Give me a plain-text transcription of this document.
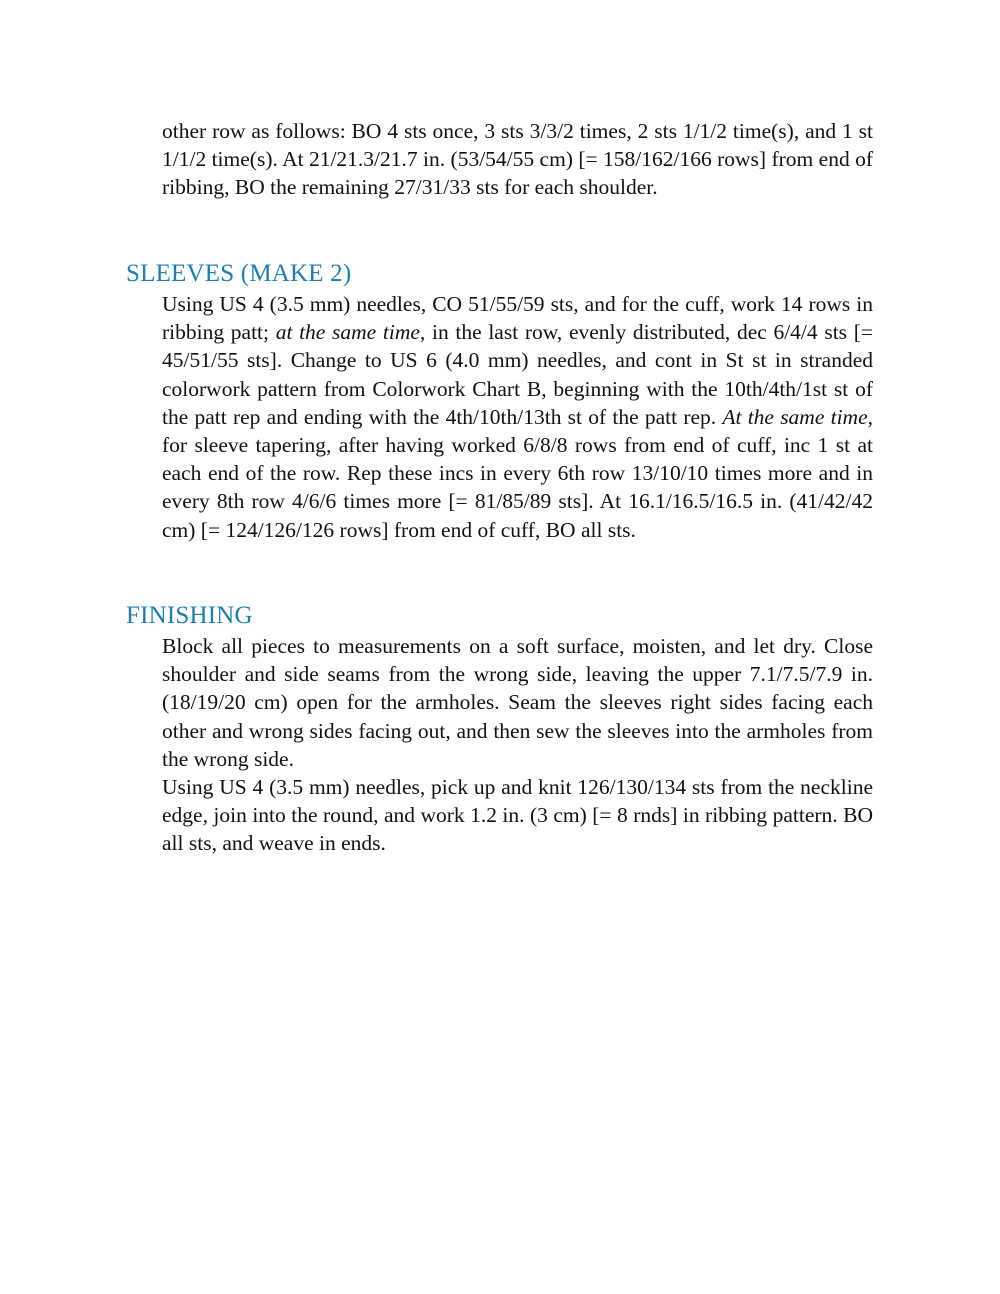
other row as follows: BO 4 sts once, 3 sts 3/3/2 times, 2 sts 1/1/2 time(s), and 1 st 1/1/2 time(s). At 21/21.3/21.7 in. (53/54/55 cm) [= 158/162/166 rows] from end of ribbing, BO the remaining 27/31/33 sts for each shoulder.

SLEEVES (MAKE 2)

Using US 4 (3.5 mm) needles, CO 51/55/59 sts, and for the cuff, work 14 rows in ribbing patt; at the same time, in the last row, evenly distributed, dec 6/4/4 sts [= 45/51/55 sts]. Change to US 6 (4.0 mm) needles, and cont in St st in stranded colorwork pattern from Colorwork Chart B, beginning with the 10th/4th/1st st of the patt rep and ending with the 4th/10th/13th st of the patt rep. At the same time, for sleeve tapering, after having worked 6/8/8 rows from end of cuff, inc 1 st at each end of the row. Rep these incs in every 6th row 13/10/10 times more and in every 8th row 4/6/6 times more [= 81/85/89 sts]. At 16.1/16.5/16.5 in. (41/42/42 cm) [= 124/126/126 rows] from end of cuff, BO all sts.

FINISHING

Block all pieces to measurements on a soft surface, moisten, and let dry. Close shoulder and side seams from the wrong side, leaving the upper 7.1/7.5/7.9 in. (18/19/20 cm) open for the armholes. Seam the sleeves right sides facing each other and wrong sides facing out, and then sew the sleeves into the armholes from the wrong side.

Using US 4 (3.5 mm) needles, pick up and knit 126/130/134 sts from the neckline edge, join into the round, and work 1.2 in. (3 cm) [= 8 rnds] in ribbing pattern. BO all sts, and weave in ends.
